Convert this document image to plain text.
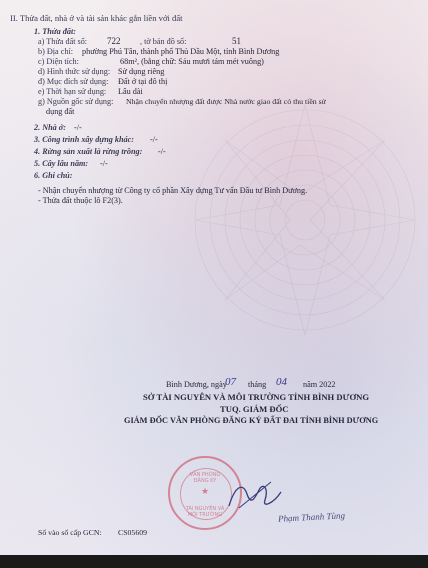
II. Thửa đất, nhà ở và tài sản khác gắn liền với đất
1. Thửa đất:
a) Thửa đất số: 722 , tờ bản đồ số:	51
b) Địa chỉ: phường Phú Tân, thành phố Thủ Dầu Một, tỉnh Bình Dương
c) Diện tích:	68m², (bằng chữ: Sáu mươi tám mét vuông)
d) Hình thức sử dụng: Sử dụng riêng
đ) Mục đích sử dụng: Đất ở tại đô thị
e) Thời hạn sử dụng: Lâu dài
g) Nguồn gốc sử dụng: Nhận chuyển nhượng đất được Nhà nước giao đất có thu tiền sử
dụng đất
2. Nhà ở: -/-
3. Công trình xây dựng khác: -/-
4. Rừng sản xuất là rừng trồng: -/-
5. Cây lâu năm: -/-
6. Ghi chú:
- Nhận chuyển nhượng từ Công ty cổ phần Xây dựng Tư vấn Đầu tư Bình Dương.
- Thửa đất thuộc lô F2(3).
Bình Dương, ngày
07 tháng 04 năm 2022
SỞ TÀI NGUYÊN VÀ MÔI TRƯỜNG TỈNH BÌNH DƯƠNG
TUQ. GIÁM ĐỐC
GIÁM ĐỐC VĂN PHÒNG ĐĂNG KÝ ĐẤT ĐAI TỈNH BÌNH DƯƠNG
VĂN PHÒNG ĐĂNG KÝ
★
TÀI NGUYÊN VÀ MÔI TRƯỜNG	Phạm Thanh Tùng
Số vào sổ cấp GCN: CS05609
